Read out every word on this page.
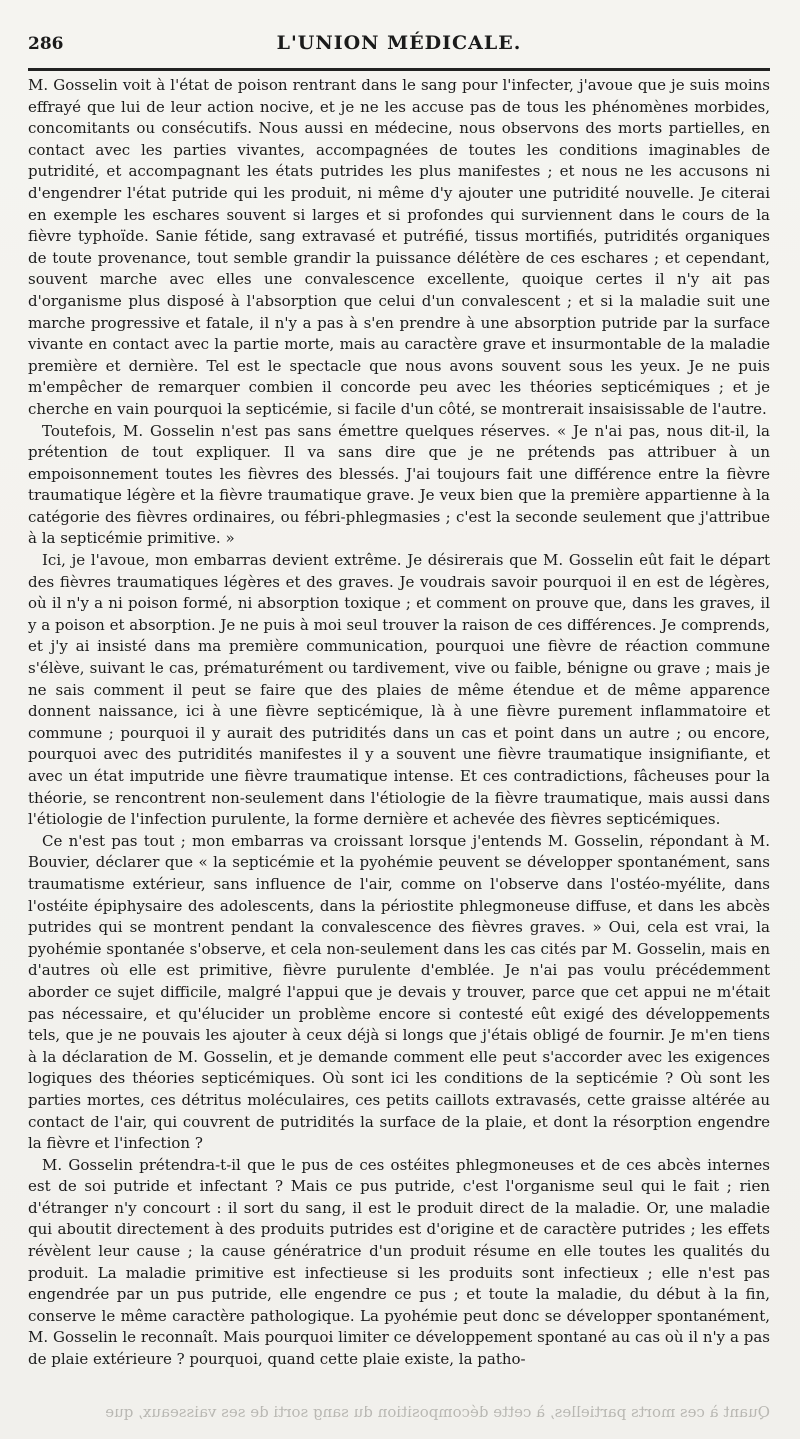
286	L'UNION MÉDICALE.

M. Gosselin voit à l'état de poison rentrant dans le sang pour l'infecter, j'avoue que je suis moins effrayé que lui de leur action nocive, et je ne les accuse pas de tous les phénomènes morbides, concomitants ou consécutifs. Nous aussi en médecine, nous observons des morts partielles, en contact avec les parties vivantes, accompagnées de toutes les conditions imaginables de putridité, et accompagnant les états putrides les plus manifestes ; et nous ne les accusons ni d'engendrer l'état putride qui les produit, ni même d'y ajouter une putridité nouvelle. Je citerai en exemple les eschares souvent si larges et si profondes qui surviennent dans le cours de la fièvre typhoïde. Sanie fétide, sang extravasé et putréfié, tissus mortifiés, putridités organiques de toute provenance, tout semble grandir la puissance délétère de ces eschares ; et cependant, souvent marche avec elles une convalescence excellente, quoique certes il n'y ait pas d'organisme plus disposé à l'absorption que celui d'un convalescent ; et si la maladie suit une marche progressive et fatale, il n'y a pas à s'en prendre à une absorption putride par la surface vivante en contact avec la partie morte, mais au caractère grave et insurmontable de la maladie première et dernière. Tel est le spectacle que nous avons souvent sous les yeux. Je ne puis m'empêcher de remarquer combien il concorde peu avec les théories septicémiques ; et je cherche en vain pourquoi la septicémie, si facile d'un côté, se montrerait insaisissable de l'autre.

Toutefois, M. Gosselin n'est pas sans émettre quelques réserves. « Je n'ai pas, nous dit-il, la prétention de tout expliquer. Il va sans dire que je ne prétends pas attribuer à un empoisonnement toutes les fièvres des blessés. J'ai toujours fait une différence entre la fièvre traumatique légère et la fièvre traumatique grave. Je veux bien que la première appartienne à la catégorie des fièvres ordinaires, ou fébri-phlegmasies ; c'est la seconde seulement que j'attribue à la septicémie primitive. »

Ici, je l'avoue, mon embarras devient extrême. Je désirerais que M. Gosselin eût fait le départ des fièvres traumatiques légères et des graves. Je voudrais savoir pourquoi il en est de légères, où il n'y a ni poison formé, ni absorption toxique ; et comment on prouve que, dans les graves, il y a poison et absorption. Je ne puis à moi seul trouver la raison de ces différences. Je comprends, et j'y ai insisté dans ma première communication, pourquoi une fièvre de réaction commune s'élève, suivant le cas, prématurément ou tardivement, vive ou faible, bénigne ou grave ; mais je ne sais comment il peut se faire que des plaies de même étendue et de même apparence donnent naissance, ici à une fièvre septicémique, là à une fièvre purement inflammatoire et commune ; pourquoi il y aurait des putridités dans un cas et point dans un autre ; ou encore, pourquoi avec des putridités manifestes il y a souvent une fièvre traumatique insignifiante, et avec un état imputride une fièvre traumatique intense. Et ces contradictions, fâcheuses pour la théorie, se rencontrent non-seulement dans l'étiologie de la fièvre traumatique, mais aussi dans l'étiologie de l'infection purulente, la forme dernière et achevée des fièvres septicémiques.

Ce n'est pas tout ; mon embarras va croissant lorsque j'entends M. Gosselin, répondant à M. Bouvier, déclarer que « la septicémie et la pyohémie peuvent se développer spontanément, sans traumatisme extérieur, sans influence de l'air, comme on l'observe dans l'ostéo-myélite, dans l'ostéite épiphysaire des adolescents, dans la périostite phlegmoneuse diffuse, et dans les abcès putrides qui se montrent pendant la convalescence des fièvres graves. » Oui, cela est vrai, la pyohémie spontanée s'observe, et cela non-seulement dans les cas cités par M. Gosselin, mais en d'autres où elle est primitive, fièvre purulente d'emblée. Je n'ai pas voulu précédemment aborder ce sujet difficile, malgré l'appui que je devais y trouver, parce que cet appui ne m'était pas nécessaire, et qu'élucider un problème encore si contesté eût exigé des développements tels, que je ne pouvais les ajouter à ceux déjà si longs que j'étais obligé de fournir. Je m'en tiens à la déclaration de M. Gosselin, et je demande comment elle peut s'accorder avec les exigences logiques des théories septicémiques. Où sont ici les conditions de la septicémie ? Où sont les parties mortes, ces détritus moléculaires, ces petits caillots extravasés, cette graisse altérée au contact de l'air, qui couvrent de putridités la surface de la plaie, et dont la résorption engendre la fièvre et l'infection ?

M. Gosselin prétendra-t-il que le pus de ces ostéites phlegmoneuses et de ces abcès internes est de soi putride et infectant ? Mais ce pus putride, c'est l'organisme seul qui le fait ; rien d'étranger n'y concourt : il sort du sang, il est le produit direct de la maladie. Or, une maladie qui aboutit directement à des produits putrides est d'origine et de caractère putrides ; les effets révèlent leur cause ; la cause génératrice d'un produit résume en elle toutes les qualités du produit. La maladie primitive est infectieuse si les produits sont infectieux ; elle n'est pas engendrée par un pus putride, elle engendre ce pus ; et toute la maladie, du début à la fin, conserve le même caractère pathologique. La pyohémie peut donc se développer spontanément, M. Gosselin le reconnaît. Mais pourquoi limiter ce développement spontané au cas où il n'y a pas de plaie extérieure ? pourquoi, quand cette plaie existe, la patho-

Quant à ces morts partielles, à cette décomposition du sang sorti de ses vaisseaux, que
